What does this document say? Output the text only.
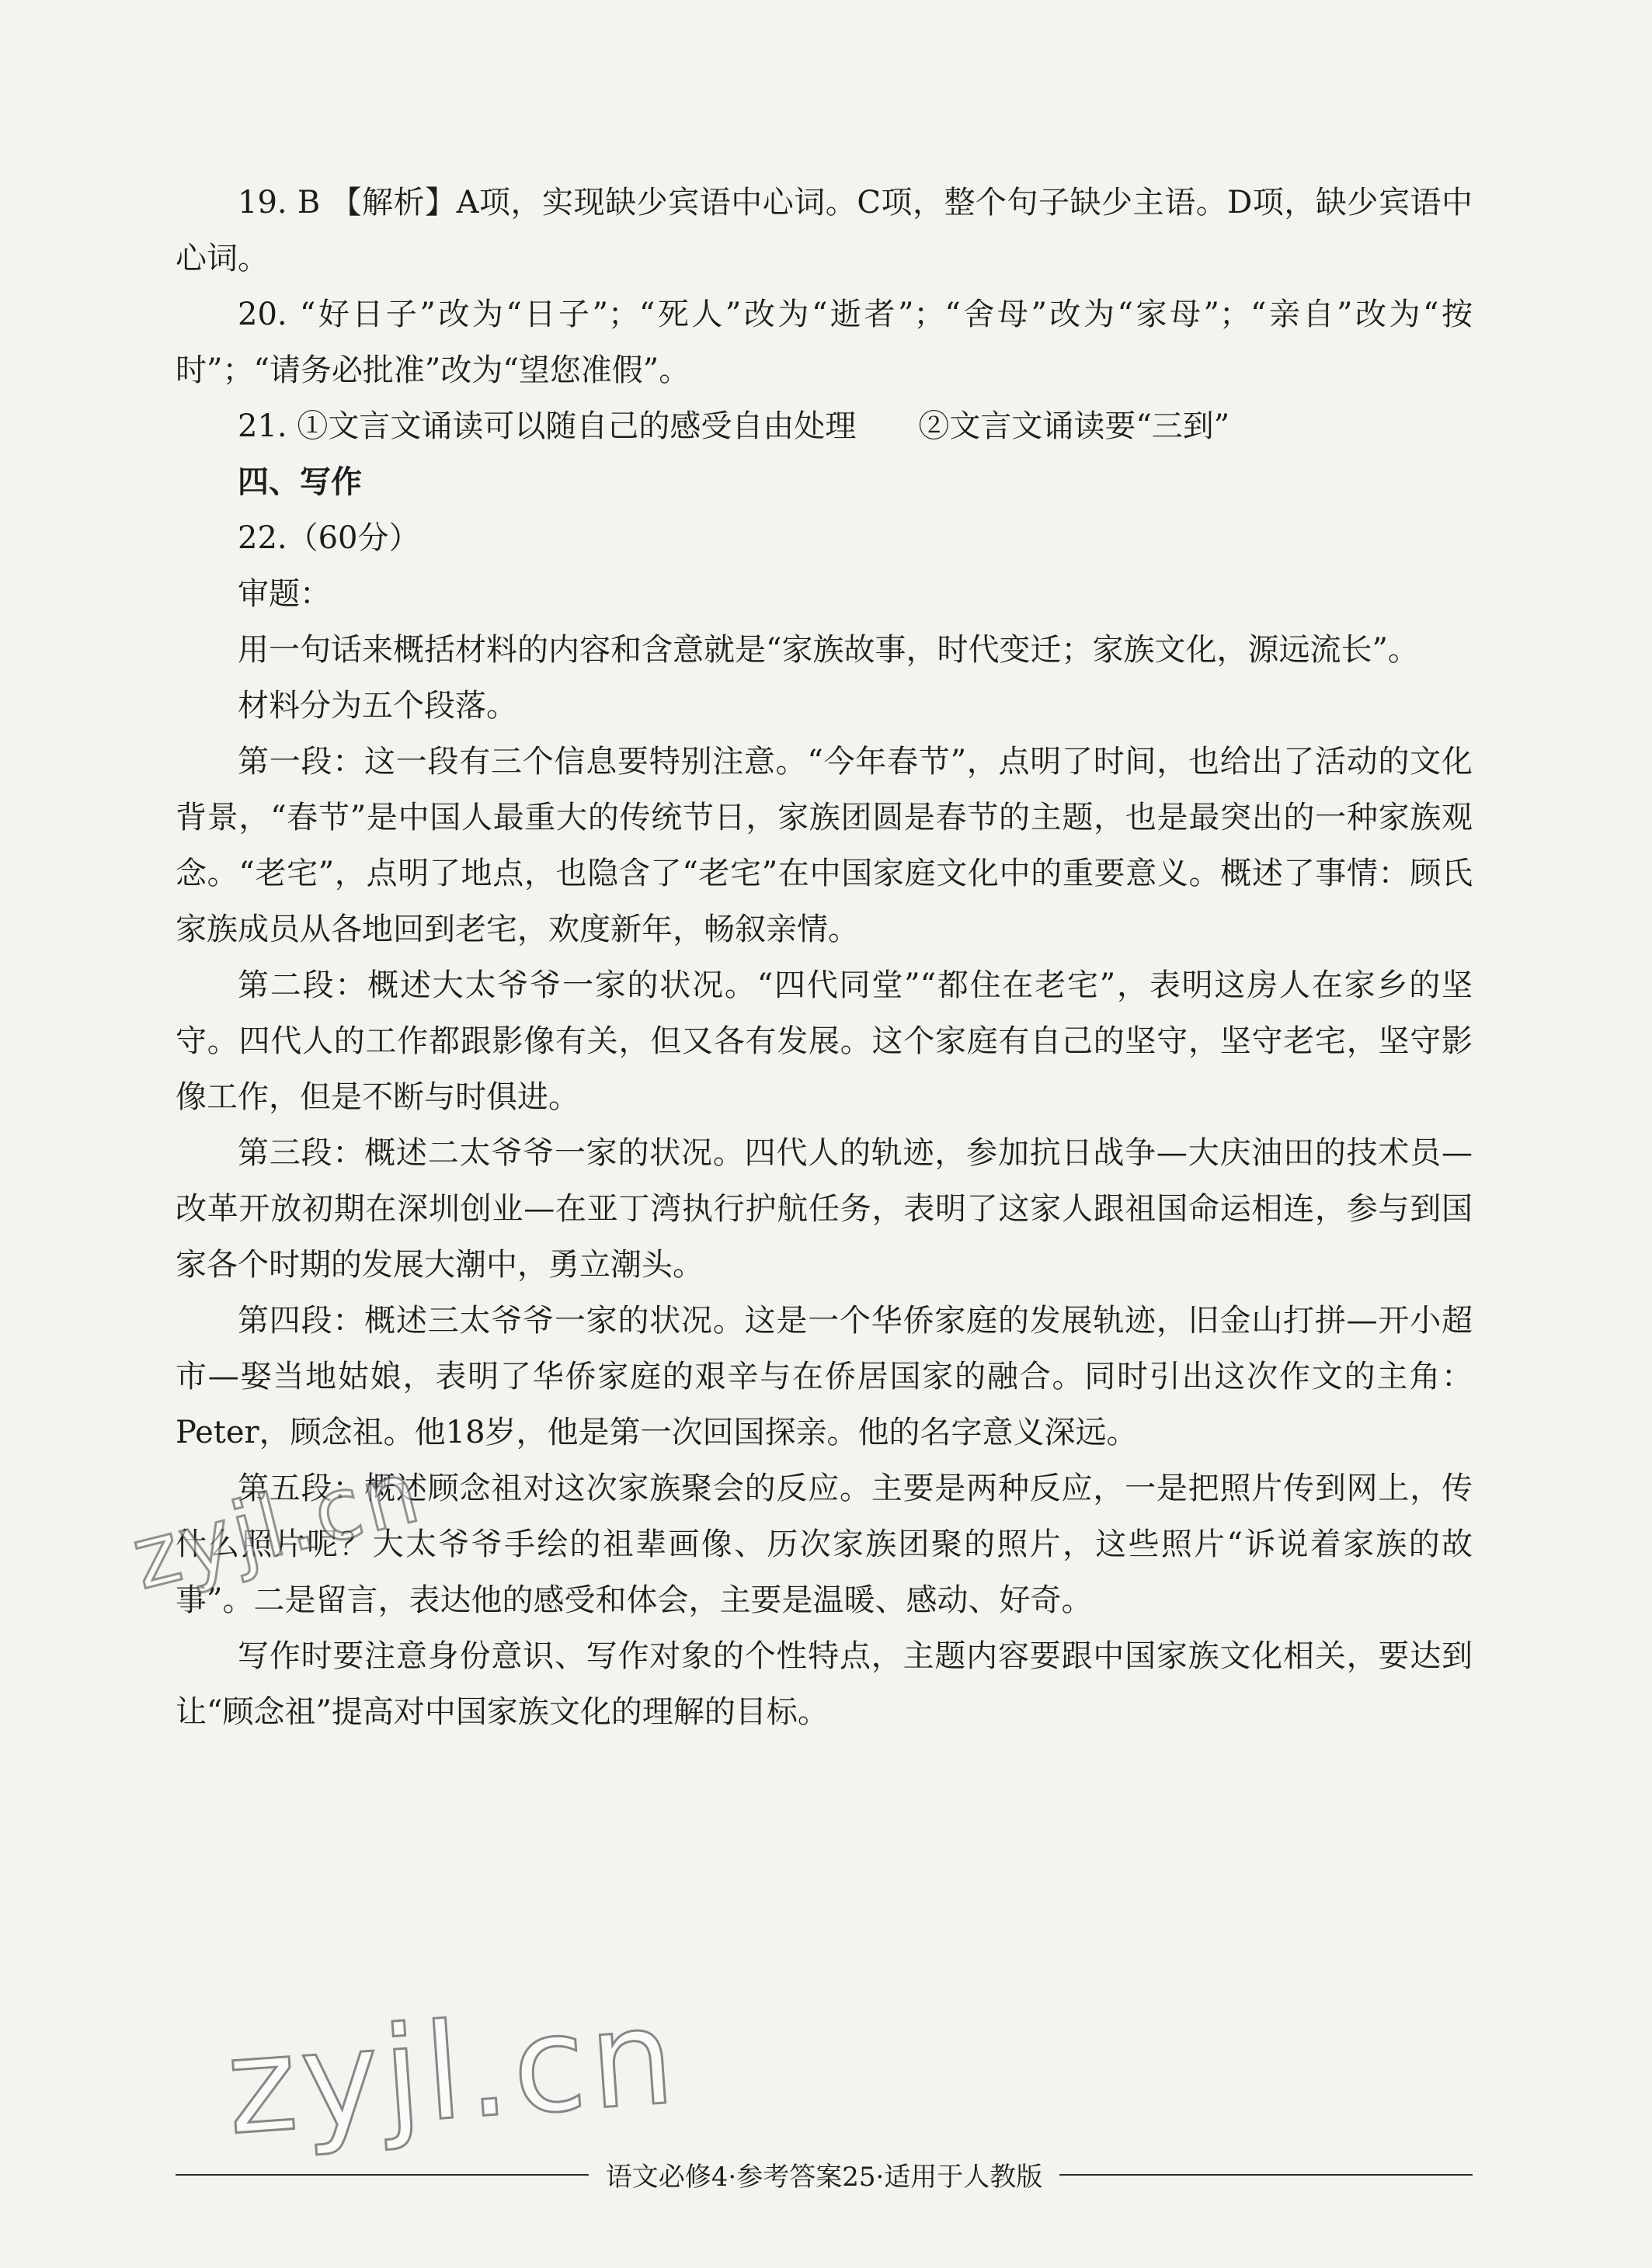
19. B 【解析】A项，实现缺少宾语中心词。C项，整个句子缺少主语。D项，缺少宾语中心词。

20. “好日子”改为“日子”；“死人”改为“逝者”；“舍母”改为“家母”；“亲自”改为“按时”；“请务必批准”改为“望您准假”。

21. ①文言文诵读可以随自己的感受自由处理　　②文言文诵读要“三到”

四、写作

22.（60分）

审题：

用一句话来概括材料的内容和含意就是“家族故事，时代变迁；家族文化，源远流长”。

材料分为五个段落。

第一段：这一段有三个信息要特别注意。“今年春节”，点明了时间，也给出了活动的文化背景，“春节”是中国人最重大的传统节日，家族团圆是春节的主题，也是最突出的一种家族观念。“老宅”，点明了地点，也隐含了“老宅”在中国家庭文化中的重要意义。概述了事情：顾氏家族成员从各地回到老宅，欢度新年，畅叙亲情。

第二段：概述大太爷爷一家的状况。“四代同堂”“都住在老宅”，表明这房人在家乡的坚守。四代人的工作都跟影像有关，但又各有发展。这个家庭有自己的坚守，坚守老宅，坚守影像工作，但是不断与时俱进。

第三段：概述二太爷爷一家的状况。四代人的轨迹，参加抗日战争—大庆油田的技术员—改革开放初期在深圳创业—在亚丁湾执行护航任务，表明了这家人跟祖国命运相连，参与到国家各个时期的发展大潮中，勇立潮头。

第四段：概述三太爷爷一家的状况。这是一个华侨家庭的发展轨迹，旧金山打拼—开小超市—娶当地姑娘，表明了华侨家庭的艰辛与在侨居国家的融合。同时引出这次作文的主角：Peter，顾念祖。他18岁，他是第一次回国探亲。他的名字意义深远。

第五段：概述顾念祖对这次家族聚会的反应。主要是两种反应，一是把照片传到网上，传什么照片呢？大太爷爷手绘的祖辈画像、历次家族团聚的照片，这些照片“诉说着家族的故事”。二是留言，表达他的感受和体会，主要是温暖、感动、好奇。

写作时要注意身份意识、写作对象的个性特点，主题内容要跟中国家族文化相关，要达到让“顾念祖”提高对中国家族文化的理解的目标。

zyjl.cn
zyjl.cn
语文必修4·参考答案25·适用于人教版
